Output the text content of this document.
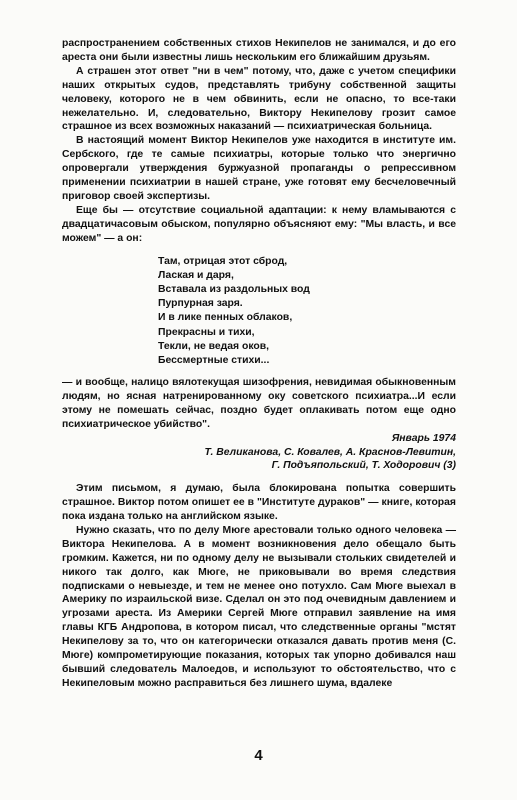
распространением собственных стихов Некипелов не занимался, и до его ареста они были известны лишь нескольким его ближайшим друзьям.

А страшен этот ответ "ни в чем" потому, что, даже с учетом специфики наших открытых судов, представлять трибуну собственной защиты человеку, которого не в чем обвинить, если не опасно, то все-таки нежелательно. И, следовательно, Виктору Некипелову грозит самое страшное из всех возможных наказаний — психиатрическая больница.

В настоящий момент Виктор Некипелов уже находится в институте им. Сербского, где те самые психиатры, которые только что энергично опровергали утверждения буржуазной пропаганды о репрессивном применении психиатрии в нашей стране, уже готовят ему бесчеловечный приговор своей экспертизы.

Еще бы — отсутствие социальной адаптации: к нему вламываются с двадцатичасовым обыском, популярно объясняют ему: "Мы власть, и все можем" — а он:

Там, отрицая этот сброд,
Лаская и даря,
Вставала из раздольных вод
Пурпурная заря.
И в лике пенных облаков,
Прекрасны и тихи,
Текли, не ведая оков,
Бессмертные стихи...

— и вообще, налицо вялотекущая шизофрения, невидимая обыкновенным людям, но ясная натренированному оку советского психиатра...И если этому не помешать сейчас, поздно будет оплакивать потом еще одно психиатрическое убийство".

Январь 1974
Т. Великанова, С. Ковалев, А. Краснов-Левитин,
Г. Подъяпольский, Т. Ходорович (3)

Этим письмом, я думаю, была блокирована попытка совершить страшное. Виктор потом опишет ее в "Институте дураков" — книге, которая пока издана только на английском языке.

Нужно сказать, что по делу Мюге арестовали только одного человека — Виктора Некипелова. А в момент возникновения дело обещало быть громким. Кажется, ни по одному делу не вызывали стольких свидетелей и никого так долго, как Мюге, не приковывали во время следствия подписками о невыезде, и тем не менее оно потухло. Сам Мюге выехал в Америку по израильской визе. Сделал он это под очевидным давлением и угрозами ареста. Из Америки Сергей Мюге отправил заявление на имя главы КГБ Андропова, в котором писал, что следственные органы "мстят Некипелову за то, что он категорически отказался давать против меня (С. Мюге) компрометирующие показания, которых так упорно добивался наш бывший следователь Малоедов, и используют то обстоятельство, что с Некипеловым можно расправиться без лишнего шума, вдалеке

4
